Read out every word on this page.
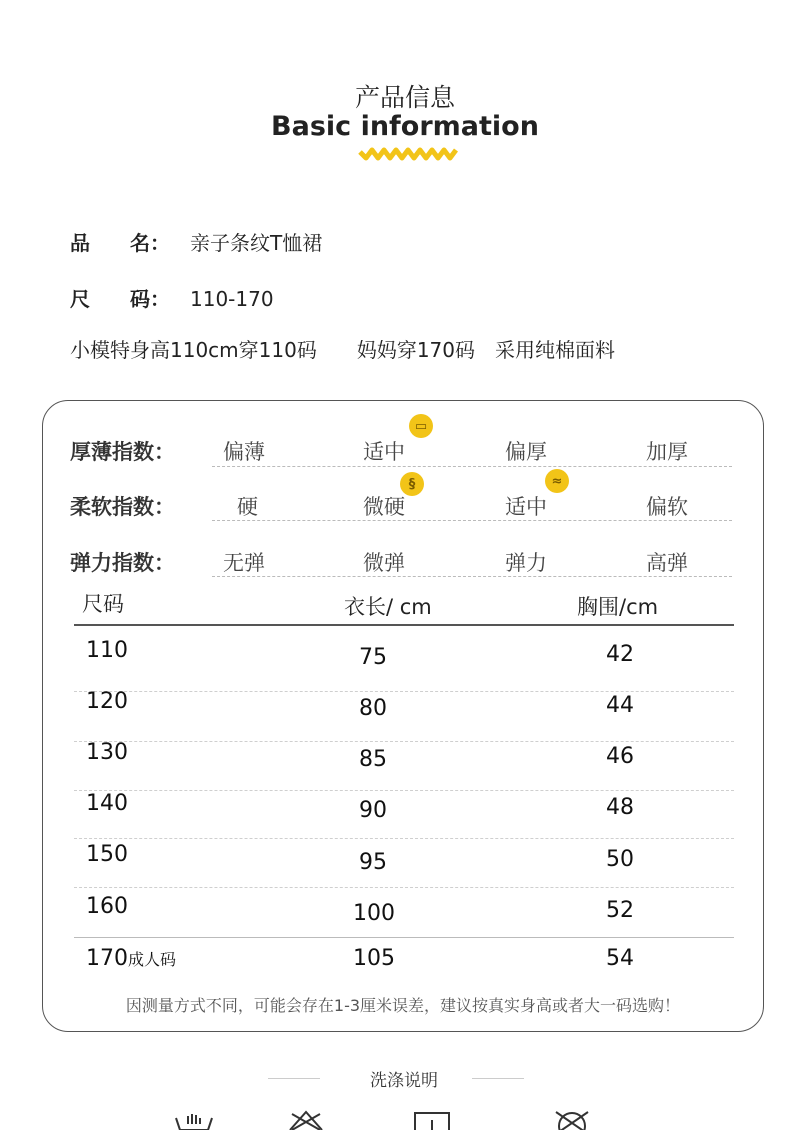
产品信息
Basic information
品　　名： 亲子条纹T恤裙
尺　　码： 110-170
小模特身高110cm穿110码　　妈妈穿170码　采用纯棉面料
厚薄指数： 偏薄	适中	偏厚	加厚
▭
柔软指数：	硬	微硬	适中	偏软
§	≈
弹力指数： 无弹	微弹	弹力	高弹
尺码	衣长/ cm	胸围/cm
110	75	42
120	80	44
130	85	46
140	90	48
150	95	50
160	100	52
170成人码	105	54
因测量方式不同，可能会存在1-3厘米误差，建议按真实身高或者大一码选购！
洗涤说明
